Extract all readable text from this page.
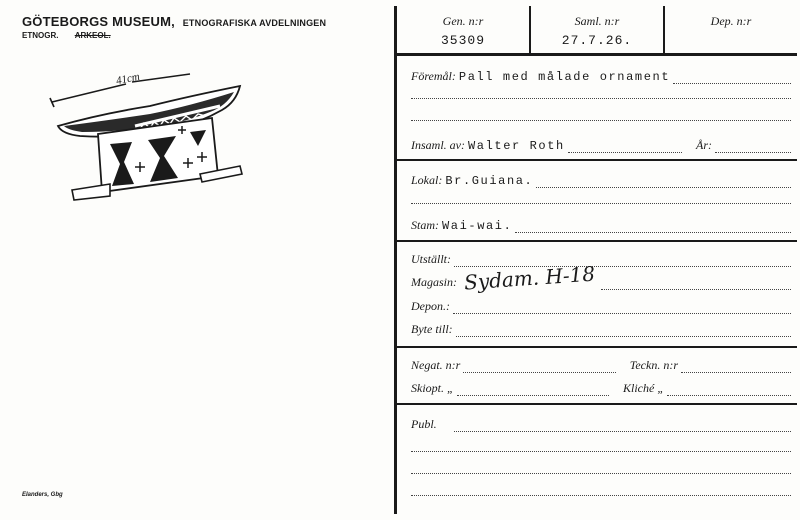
GÖTEBORGS MUSEUM, ETNOGRAFISKA AVDELNINGEN
ETNOGR. ARKEOL.
41cm
Elanders, Gbg
Gen. n:r
35309
Saml. n:r
27.7.26.
Dep. n:r
Föremål: Pall med målade ornament
Insaml. av: Walter Roth	År:
Lokal: Br.Guiana.
Stam: Wai-wai.
Utställt:
Magasin: Sydam. H-18
Depon.:
Byte till:
Negat. n:r	Teckn. n:r
Skiopt. „	Kliché „
Publ.
